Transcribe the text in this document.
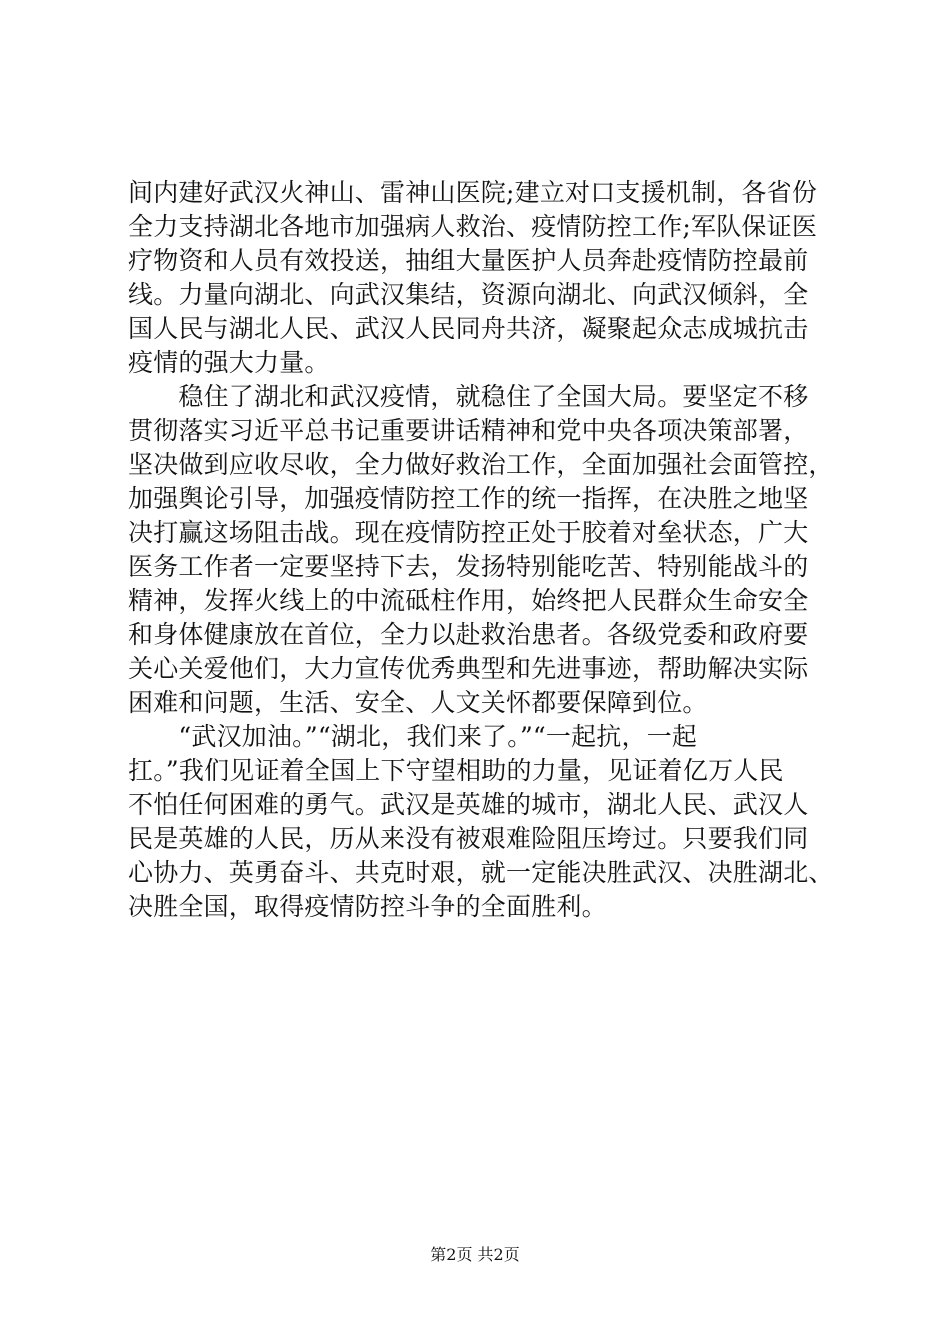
间内建好武汉火神山、雷神山医院;建立对口支援机制，各省份
全力支持湖北各地市加强病人救治、疫情防控工作;军队保证医
疗物资和人员有效投送，抽组大量医护人员奔赴疫情防控最前
线。力量向湖北、向武汉集结，资源向湖北、向武汉倾斜，全
国人民与湖北人民、武汉人民同舟共济，凝聚起众志成城抗击
疫情的强大力量。
　　稳住了湖北和武汉疫情，就稳住了全国大局。要坚定不移
贯彻落实习近平总书记重要讲话精神和党中央各项决策部署，
坚决做到应收尽收，全力做好救治工作，全面加强社会面管控，
加强舆论引导，加强疫情防控工作的统一指挥，在决胜之地坚
决打赢这场阻击战。现在疫情防控正处于胶着对垒状态，广大
医务工作者一定要坚持下去，发扬特别能吃苦、特别能战斗的
精神，发挥火线上的中流砥柱作用，始终把人民群众生命安全
和身体健康放在首位，全力以赴救治患者。各级党委和政府要
关心关爱他们，大力宣传优秀典型和先进事迹，帮助解决实际
困难和问题，生活、安全、人文关怀都要保障到位。
　　“武汉加油。”“湖北，我们来了。”“一起抗，一起
扛。”我们见证着全国上下守望相助的力量，见证着亿万人民
不怕任何困难的勇气。武汉是英雄的城市，湖北人民、武汉人
民是英雄的人民，历从来没有被艰难险阻压垮过。只要我们同
心协力、英勇奋斗、共克时艰，就一定能决胜武汉、决胜湖北、
决胜全国，取得疫情防控斗争的全面胜利。
第2页 共2页
